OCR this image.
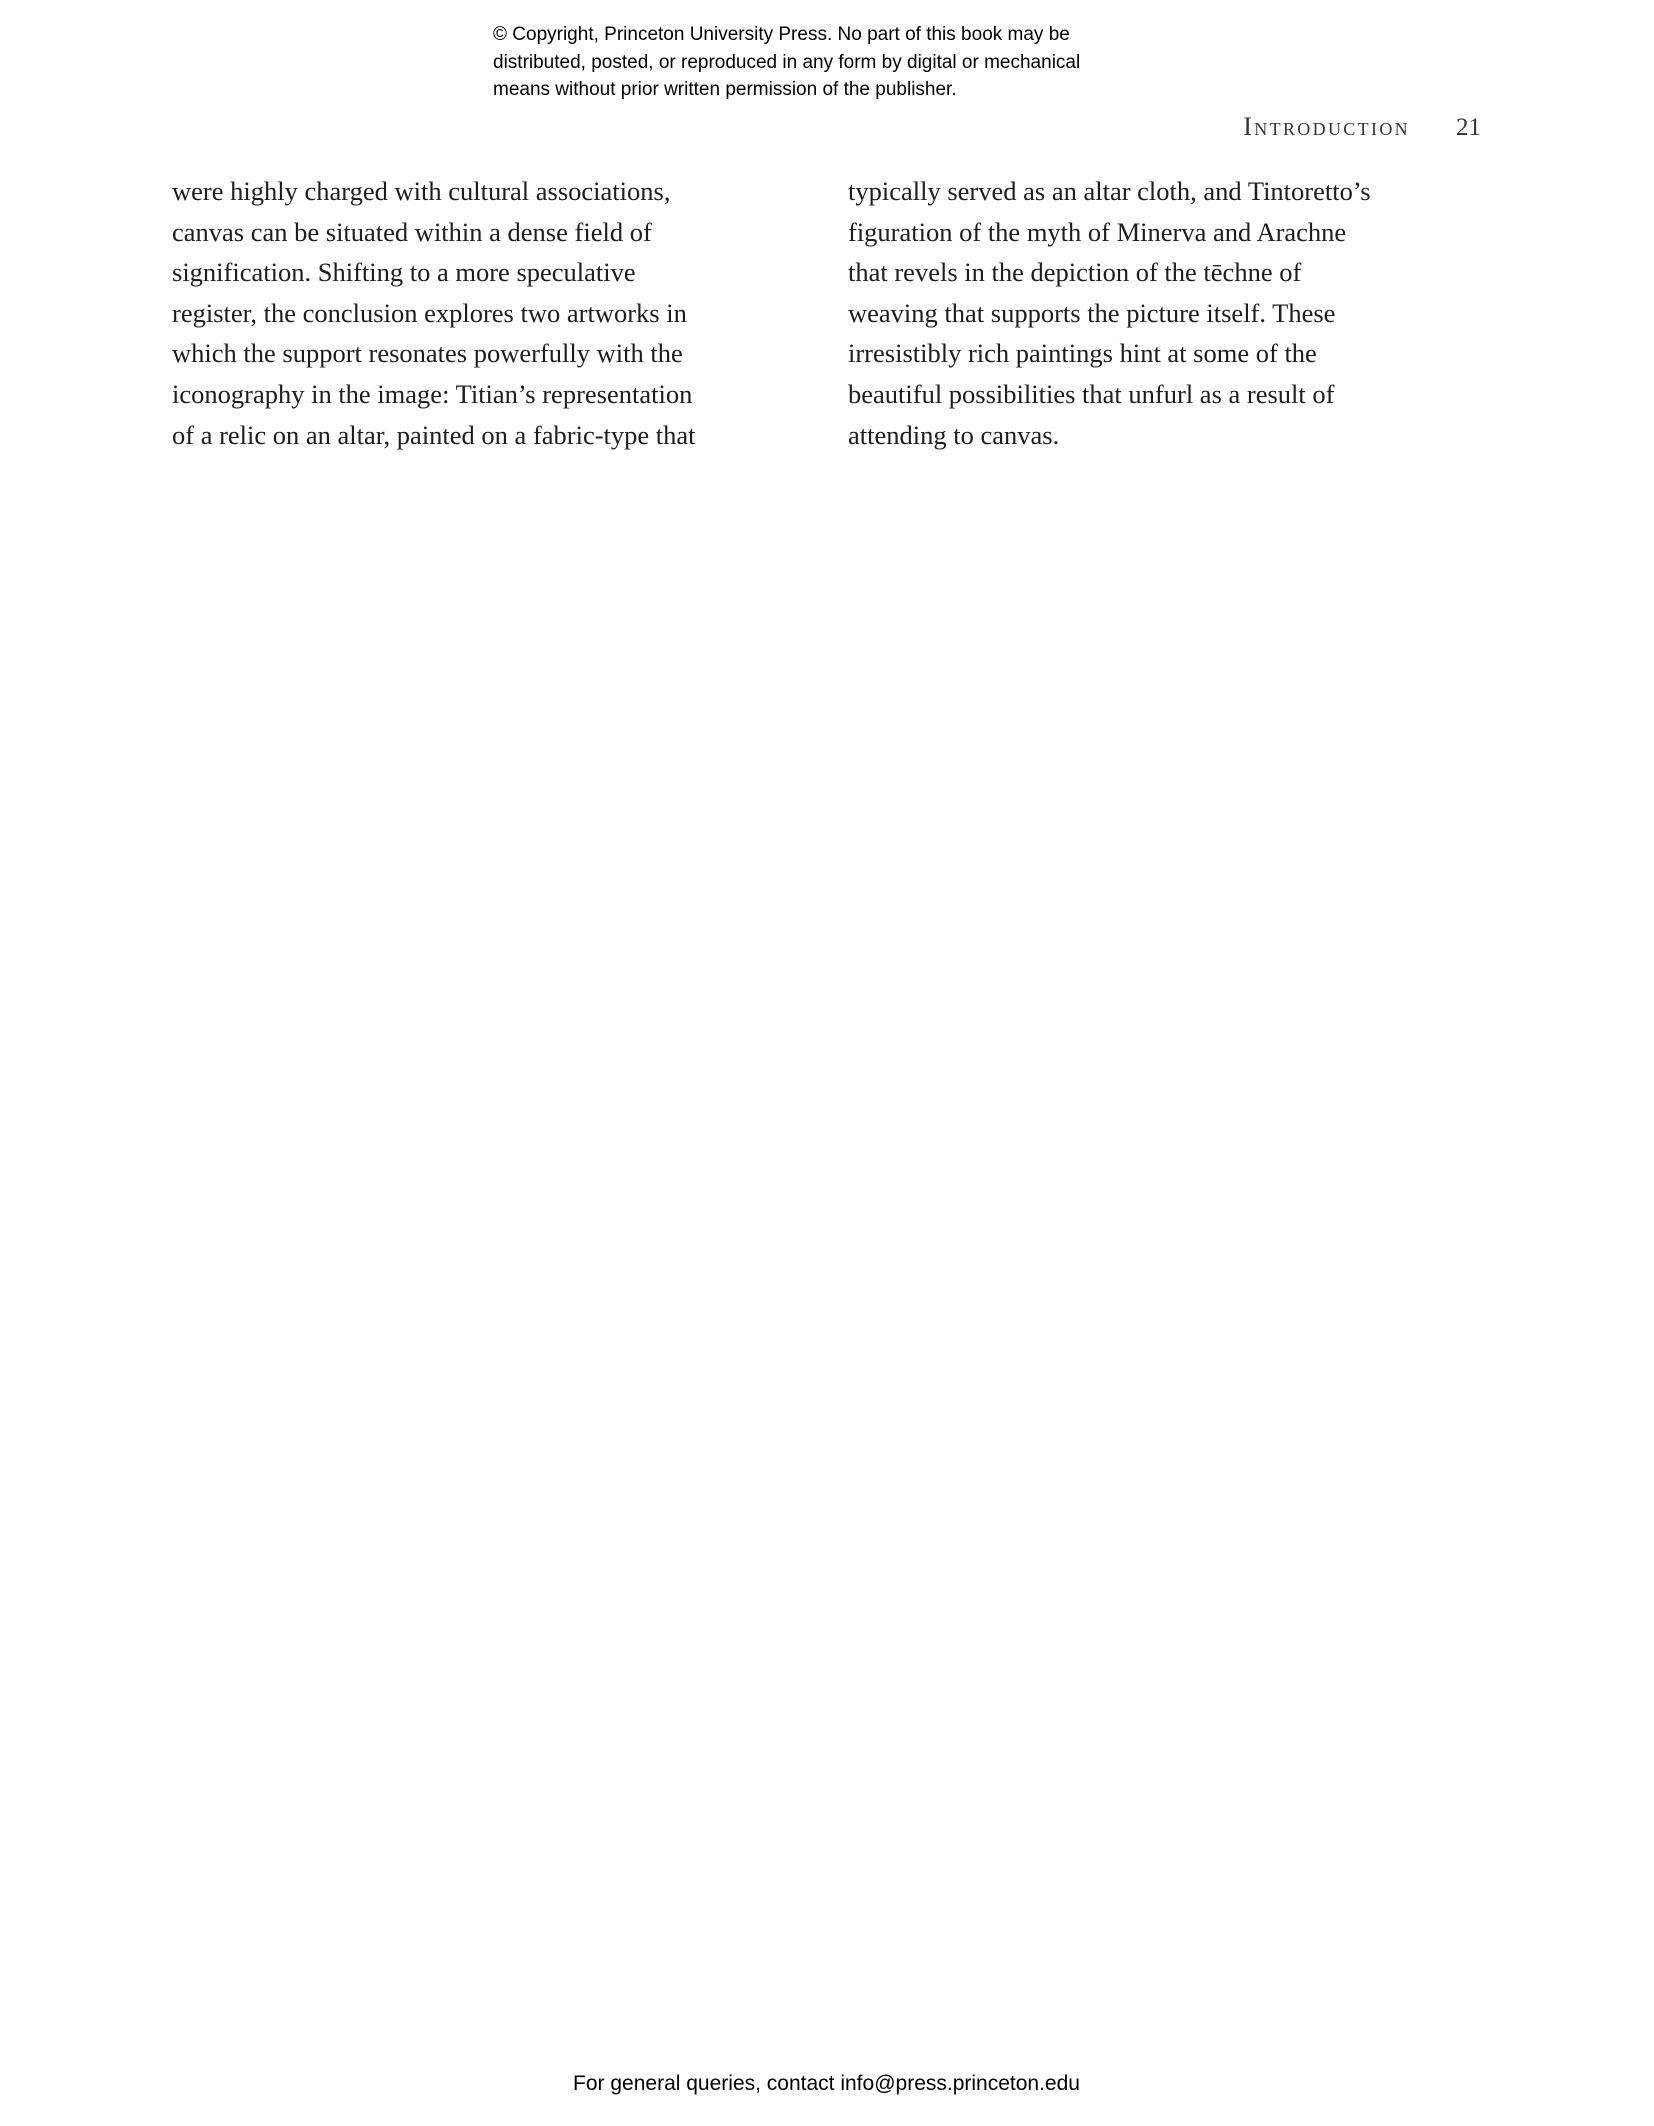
© Copyright, Princeton University Press. No part of this book may be
distributed, posted, or reproduced in any form by digital or mechanical
means without prior written permission of the publisher.
Introduction 21
were highly charged with cultural associations,
canvas can be situated within a dense field of
signification. Shifting to a more speculative
register, the conclusion explores two artworks in
which the support resonates powerfully with the
iconography in the image: Titian’s representation
of a relic on an altar, painted on a fabric-type that
typically served as an altar cloth, and Tintoretto’s
figuration of the myth of Minerva and Arachne
that revels in the depiction of the tēchne of
weaving that supports the picture itself. These
irresistibly rich paintings hint at some of the
beautiful possibilities that unfurl as a result of
attending to canvas.
For general queries, contact info@press.princeton.edu
